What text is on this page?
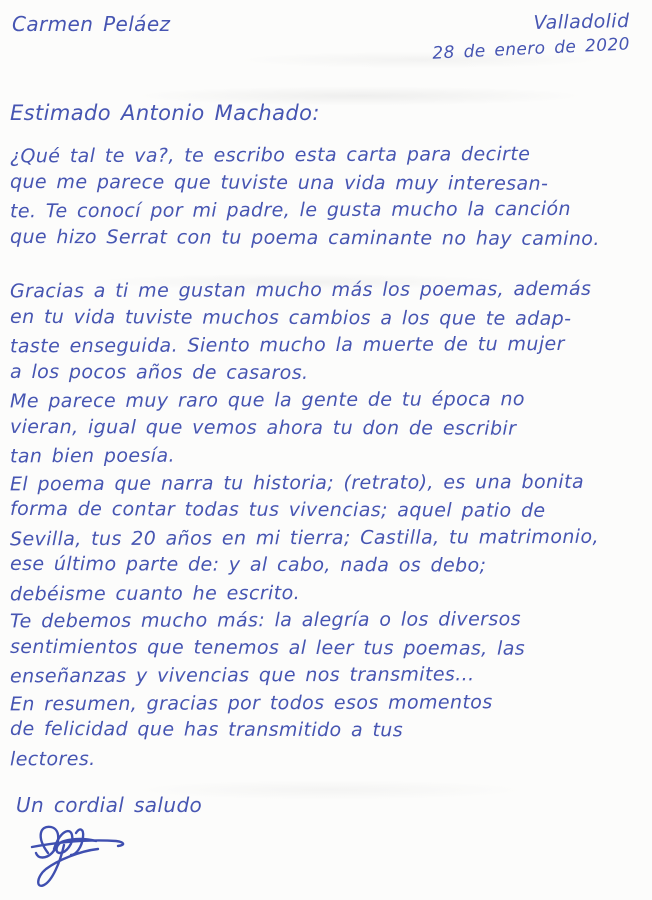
Carmen Peláez	Valladolid
28 de enero de 2020
Estimado Antonio Machado:
¿Qué tal te va?, te escribo esta carta para decirte
que me parece que tuviste una vida muy interesan-
te. Te conocí por mi padre, le gusta mucho la canción
que hizo Serrat con tu poema caminante no hay camino.
Gracias a ti me gustan mucho más los poemas, además
en tu vida tuviste muchos cambios a los que te adap-
taste enseguida. Siento mucho la muerte de tu mujer
a los pocos años de casaros.
Me parece muy raro que la gente de tu época no
vieran, igual que vemos ahora tu don de escribir
tan bien poesía.
El poema que narra tu historia; (retrato), es una bonita
forma de contar todas tus vivencias; aquel patio de
Sevilla, tus 20 años en mi tierra; Castilla, tu matrimonio,
ese último parte de: y al cabo, nada os debo;
debéisme cuanto he escrito.
Te debemos mucho más: la alegría o los diversos
sentimientos que tenemos al leer tus poemas, las
enseñanzas y vivencias que nos transmites...
En resumen, gracias por todos esos momentos
de felicidad que has transmitido a tus
lectores.
Un cordial saludo
